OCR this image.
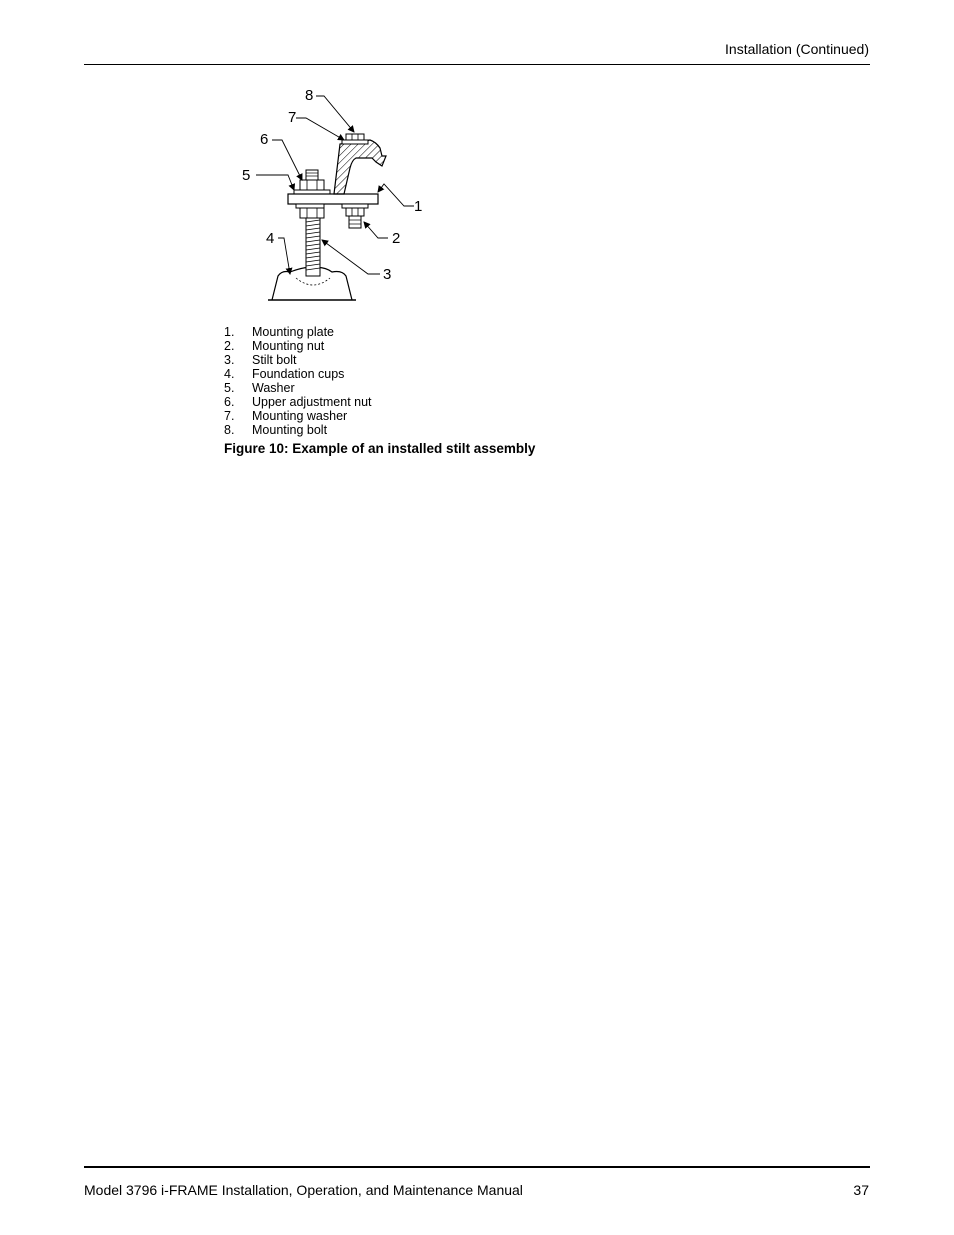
Installation (Continued)
8
7
6
5
1
2
3
4
1.	Mounting plate
2.	Mounting nut
3.	Stilt bolt
4.	Foundation cups
5.	Washer
6.	Upper adjustment nut
7.	Mounting washer
8.	Mounting bolt
Figure 10: Example of an installed stilt assembly
Model 3796 i-FRAME Installation, Operation, and Maintenance Manual	37
